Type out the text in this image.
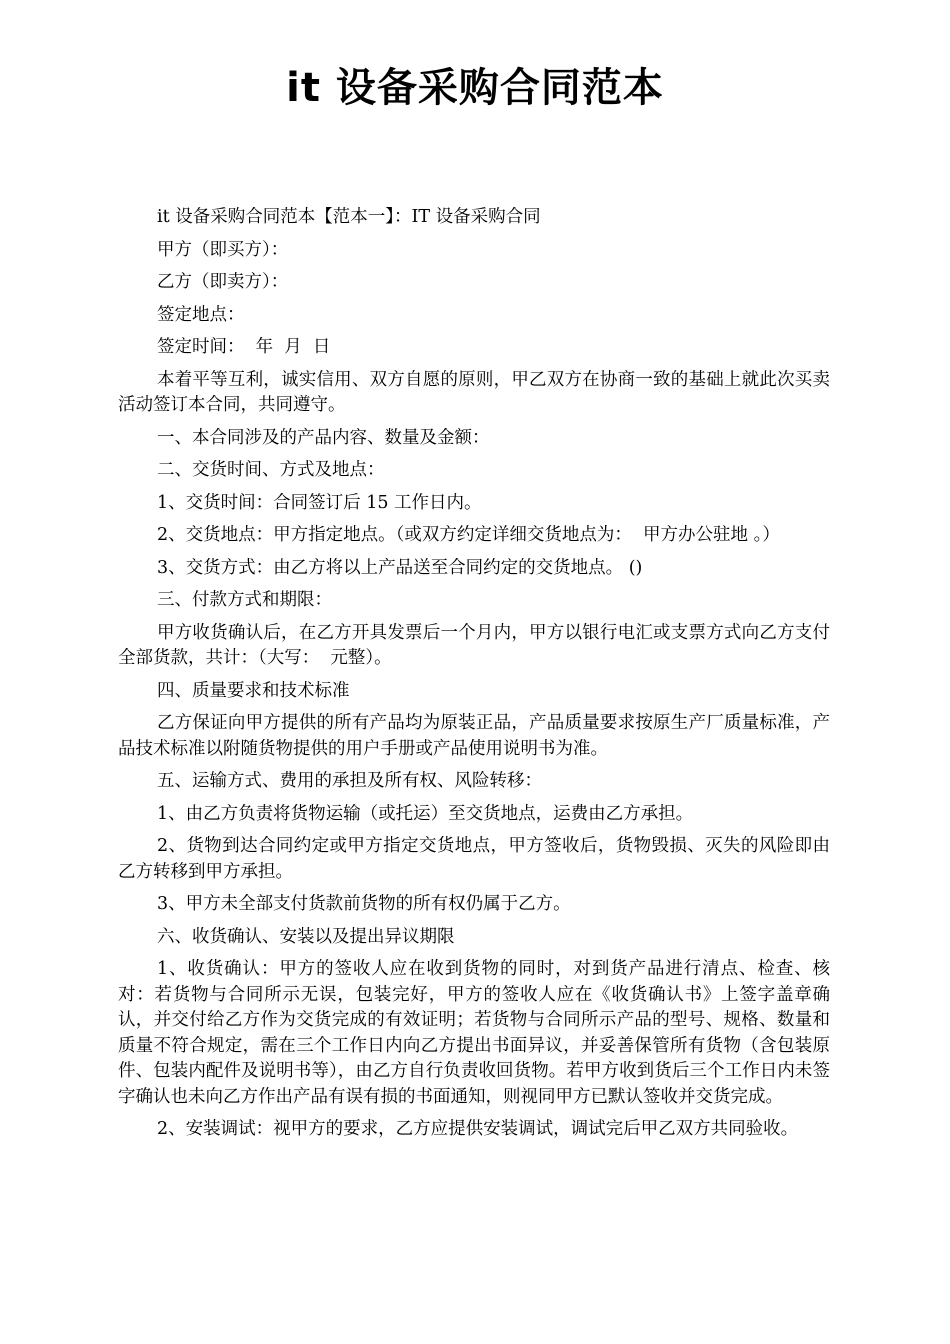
it 设备采购合同范本

it 设备采购合同范本【范本一】：IT 设备采购合同

甲方（即买方）：

乙方（即卖方）：

签定地点：

签定时间：  年  月  日

本着平等互利，诚实信用、双方自愿的原则，甲乙双方在协商一致的基础上就此次买卖活动签订本合同，共同遵守。

一、本合同涉及的产品内容、数量及金额：

二、交货时间、方式及地点：

1、交货时间：合同签订后 15 工作日内。

2、交货地点：甲方指定地点。（或双方约定详细交货地点为：  甲方办公驻地 。）

3、交货方式：由乙方将以上产品送至合同约定的交货地点。 ()

三、付款方式和期限：

甲方收货确认后，在乙方开具发票后一个月内，甲方以银行电汇或支票方式向乙方支付全部货款，共计：（大写：  元整）。

四、质量要求和技术标准

乙方保证向甲方提供的所有产品均为原装正品，产品质量要求按原生产厂质量标准，产品技术标准以附随货物提供的用户手册或产品使用说明书为准。

五、运输方式、费用的承担及所有权、风险转移：

1、由乙方负责将货物运输（或托运）至交货地点，运费由乙方承担。

2、货物到达合同约定或甲方指定交货地点，甲方签收后，货物毁损、灭失的风险即由乙方转移到甲方承担。

3、甲方未全部支付货款前货物的所有权仍属于乙方。

六、收货确认、安装以及提出异议期限

1、收货确认：甲方的签收人应在收到货物的同时，对到货产品进行清点、检查、核对：若货物与合同所示无误，包装完好，甲方的签收人应在《收货确认书》上签字盖章确认，并交付给乙方作为交货完成的有效证明；若货物与合同所示产品的型号、规格、数量和质量不符合规定，需在三个工作日内向乙方提出书面异议，并妥善保管所有货物（含包装原件、包装内配件及说明书等），由乙方自行负责收回货物。若甲方收到货后三个工作日内未签字确认也未向乙方作出产品有误有损的书面通知，则视同甲方已默认签收并交货完成。

2、安装调试：视甲方的要求，乙方应提供安装调试，调试完后甲乙双方共同验收。
